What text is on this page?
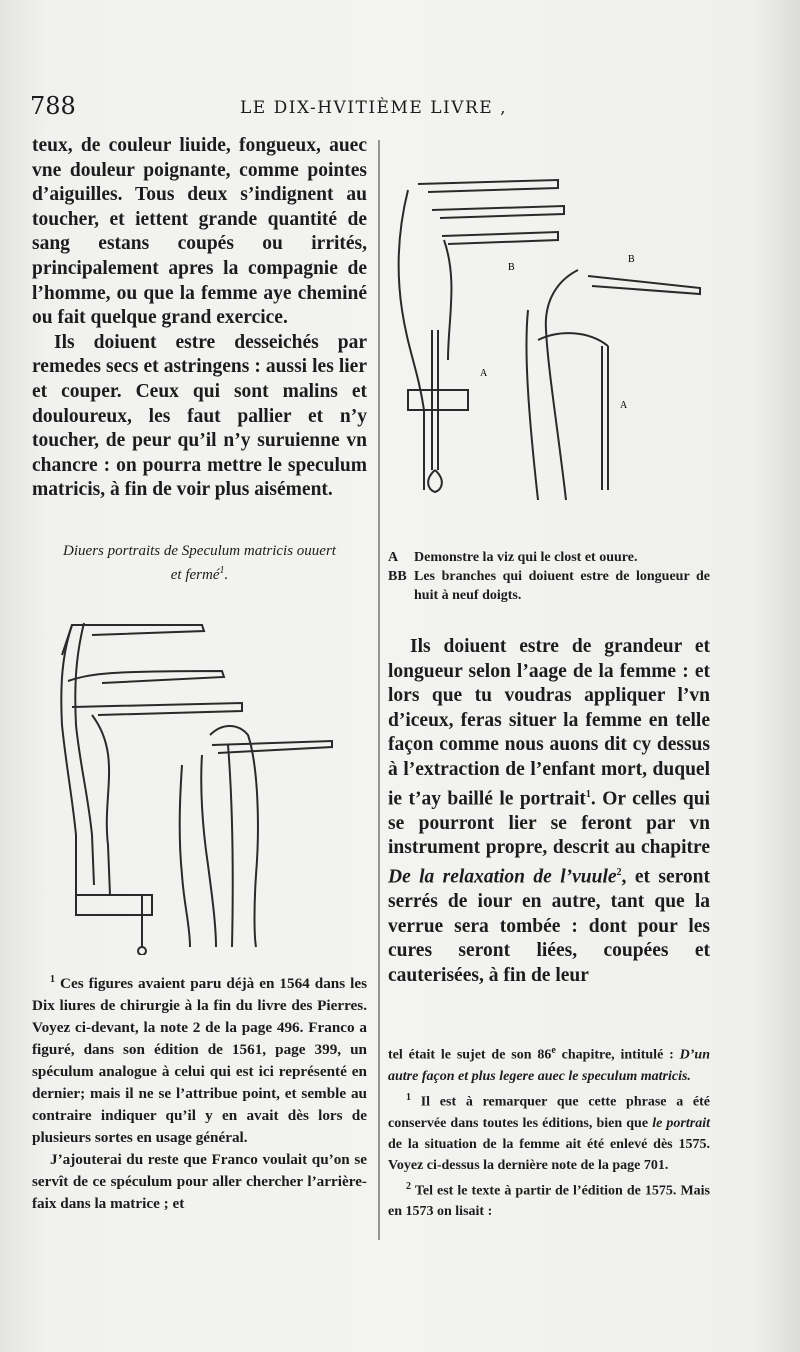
788	LE DIX-HVITIÈME LIVRE ,

teux, de couleur liuide, fongueux, auec vne douleur poignante, comme pointes d’aiguilles. Tous deux s’indignent au toucher, et iettent grande quantité de sang estans coupés ou irrités, principalement apres la compagnie de l’homme, ou que la femme aye cheminé ou fait quelque grand exercice.

Ils doiuent estre desseichés par remedes secs et astringens : aussi les lier et couper. Ceux qui sont malins et douloureux, les faut pallier et n’y toucher, de peur qu’il n’y suruienne vn chancre : on pourra mettre le speculum matricis, à fin de voir plus aisément.

Diuers portraits de Speculum matricis ouuert
et fermé$^1$.

$^1$ Ces figures avaient paru déjà en 1564 dans les Dix liures de chirurgie à la fin du livre des Pierres. Voyez ci-devant, la note 2 de la page 496. Franco a figuré, dans son édition de 1561, page 399, un spéculum analogue à celui qui est ici représenté en dernier; mais il ne se l’attribue point, et semble au contraire indiquer qu’il y en avait dès lors de plusieurs sortes en usage général.

J’ajouterai du reste que Franco voulait qu’on se servît de ce spéculum pour aller chercher l’arrière-faix dans la matrice ; et

B
B
A
A
A	Demonstre la viz qui le clost et ouure.
BB Les branches qui doiuent estre de longueur de huit à neuf doigts.

Ils doiuent estre de grandeur et longueur selon l’aage de la femme : et lors que tu voudras appliquer l’vn d’iceux, feras situer la femme en telle façon comme nous auons dit cy dessus à l’extraction de l’enfant mort, duquel ie t’ay baillé le portrait$^1$. Or celles qui se pourront lier se feront par vn instrument propre, descrit au chapitre De la relaxation de l’vuule$^2$, et seront serrés de iour en autre, tant que la verrue sera tombée : dont pour les cures seront liées, coupées et cauterisées, à fin de leur

tel était le sujet de son 86e chapitre, intitulé : D’un autre façon et plus legere auec le speculum matricis.

$^1$ Il est à remarquer que cette phrase a été conservée dans toutes les éditions, bien que le portrait de la situation de la femme ait été enlevé dès 1575. Voyez ci-dessus la dernière note de la page 701.

$^2$ Tel est le texte à partir de l’édition de 1575. Mais en 1573 on lisait :
